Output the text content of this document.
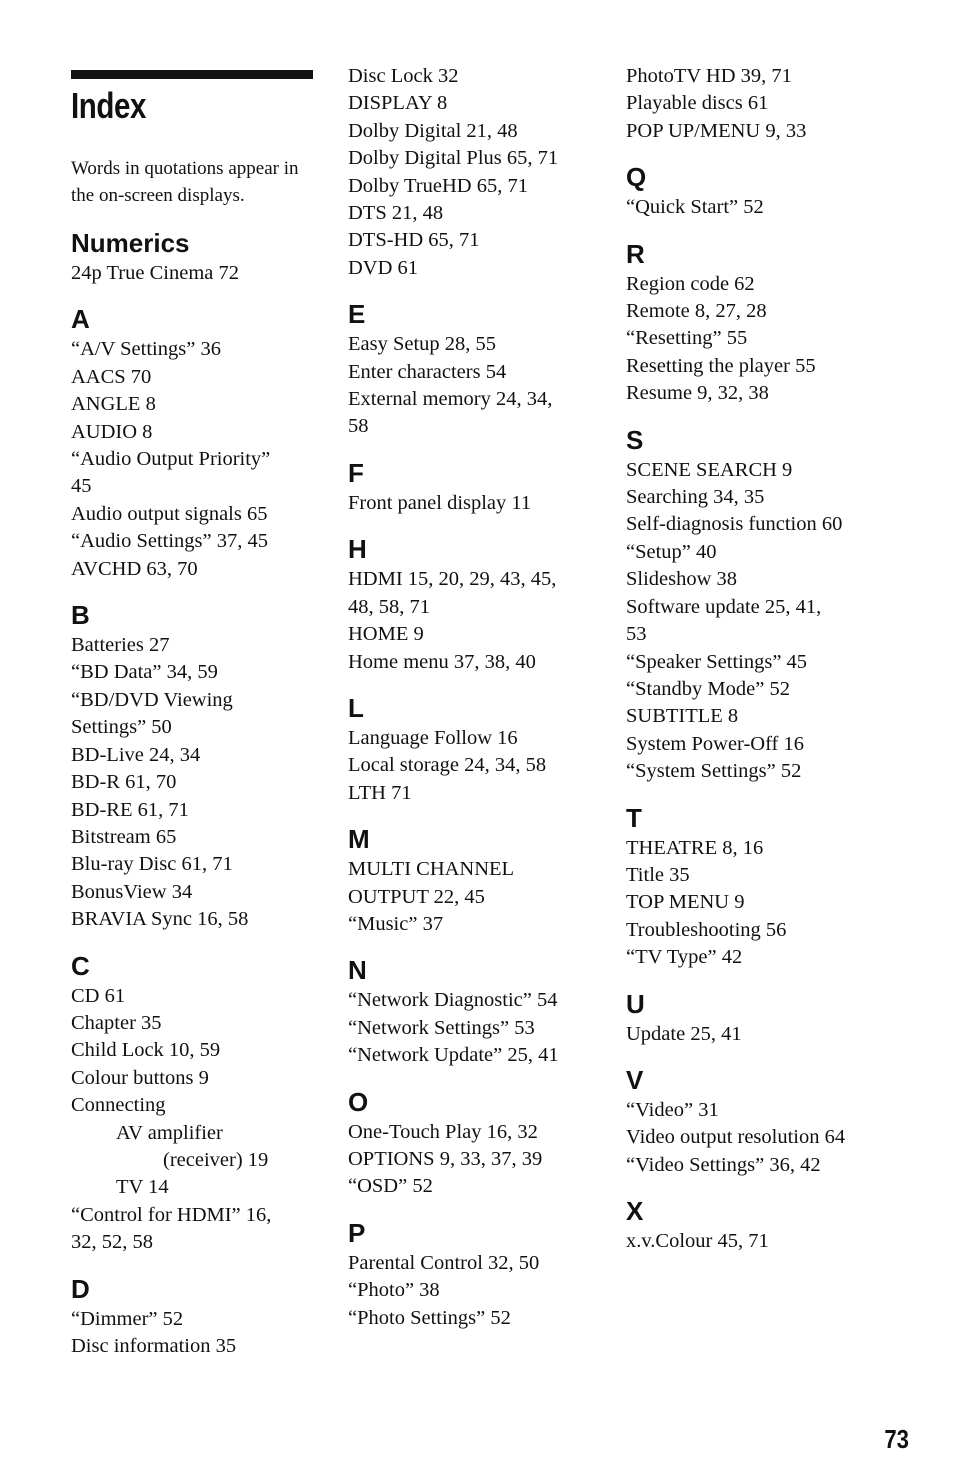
Index
Words in quotations appear in the on-screen displays.
Numerics
24p True Cinema 72
A
“A/V Settings” 36
AACS 70
ANGLE 8
AUDIO 8
“Audio Output Priority”
45
Audio output signals 65
“Audio Settings” 37, 45
AVCHD 63, 70
B
Batteries 27
“BD Data” 34, 59
“BD/DVD Viewing
Settings” 50
BD-Live 24, 34
BD-R 61, 70
BD-RE 61, 71
Bitstream 65
Blu-ray Disc 61, 71
BonusView 34
BRAVIA Sync 16, 58
C
CD 61
Chapter 35
Child Lock 10, 59
Colour buttons 9
Connecting
AV amplifier
(receiver) 19
TV 14
“Control for HDMI” 16,
32, 52, 58
D
“Dimmer” 52
Disc information 35
Disc Lock 32
DISPLAY 8
Dolby Digital 21, 48
Dolby Digital Plus 65, 71
Dolby TrueHD 65, 71
DTS 21, 48
DTS-HD 65, 71
DVD 61
E
Easy Setup 28, 55
Enter characters 54
External memory 24, 34,
58
F
Front panel display 11
H
HDMI 15, 20, 29, 43, 45,
48, 58, 71
HOME 9
Home menu 37, 38, 40
L
Language Follow 16
Local storage 24, 34, 58
LTH 71
M
MULTI CHANNEL
OUTPUT 22, 45
“Music” 37
N
“Network Diagnostic” 54
“Network Settings” 53
“Network Update” 25, 41
O
One-Touch Play 16, 32
OPTIONS 9, 33, 37, 39
“OSD” 52
P
Parental Control 32, 50
“Photo” 38
“Photo Settings” 52
PhotoTV HD 39, 71
Playable discs 61
POP UP/MENU 9, 33
Q
“Quick Start” 52
R
Region code 62
Remote 8, 27, 28
“Resetting” 55
Resetting the player 55
Resume 9, 32, 38
S
SCENE SEARCH 9
Searching 34, 35
Self-diagnosis function 60
“Setup” 40
Slideshow 38
Software update 25, 41,
53
“Speaker Settings” 45
“Standby Mode” 52
SUBTITLE 8
System Power-Off 16
“System Settings” 52
T
THEATRE 8, 16
Title 35
TOP MENU 9
Troubleshooting 56
“TV Type” 42
U
Update 25, 41
V
“Video” 31
Video output resolution 64
“Video Settings” 36, 42
X
x.v.Colour 45, 71
73
